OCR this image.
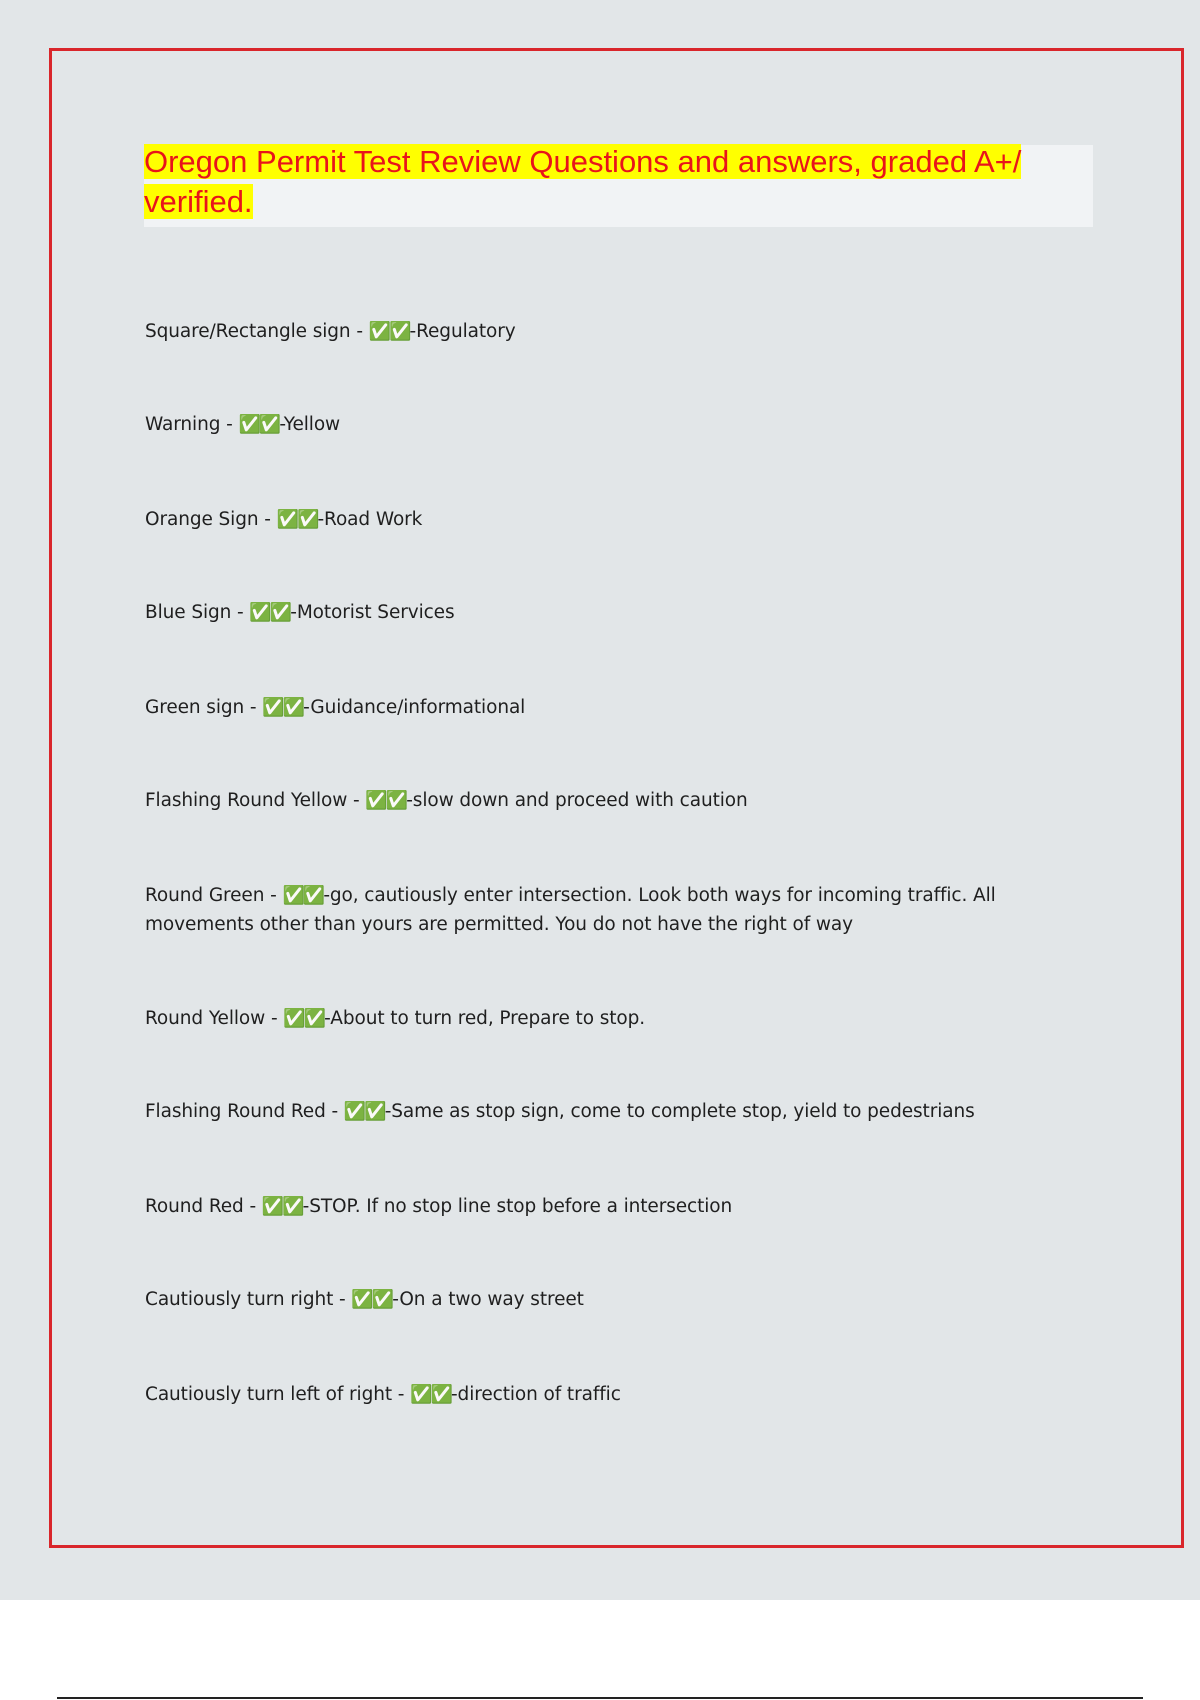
Oregon Permit Test Review Questions and answers, graded A+/ verified.
Square/Rectangle sign - ✅✅-Regulatory
Warning - ✅✅-Yellow
Orange Sign - ✅✅-Road Work
Blue Sign - ✅✅-Motorist Services
Green sign - ✅✅-Guidance/informational
Flashing Round Yellow - ✅✅-slow down and proceed with caution
Round Green - ✅✅-go, cautiously enter intersection. Look both ways for incoming traffic. All movements other than yours are permitted. You do not have the right of way
Round Yellow - ✅✅-About to turn red, Prepare to stop.
Flashing Round Red - ✅✅-Same as stop sign, come to complete stop, yield to pedestrians
Round Red - ✅✅-STOP. If no stop line stop before a intersection
Cautiously turn right - ✅✅-On a two way street
Cautiously turn left of right - ✅✅-direction of traffic
